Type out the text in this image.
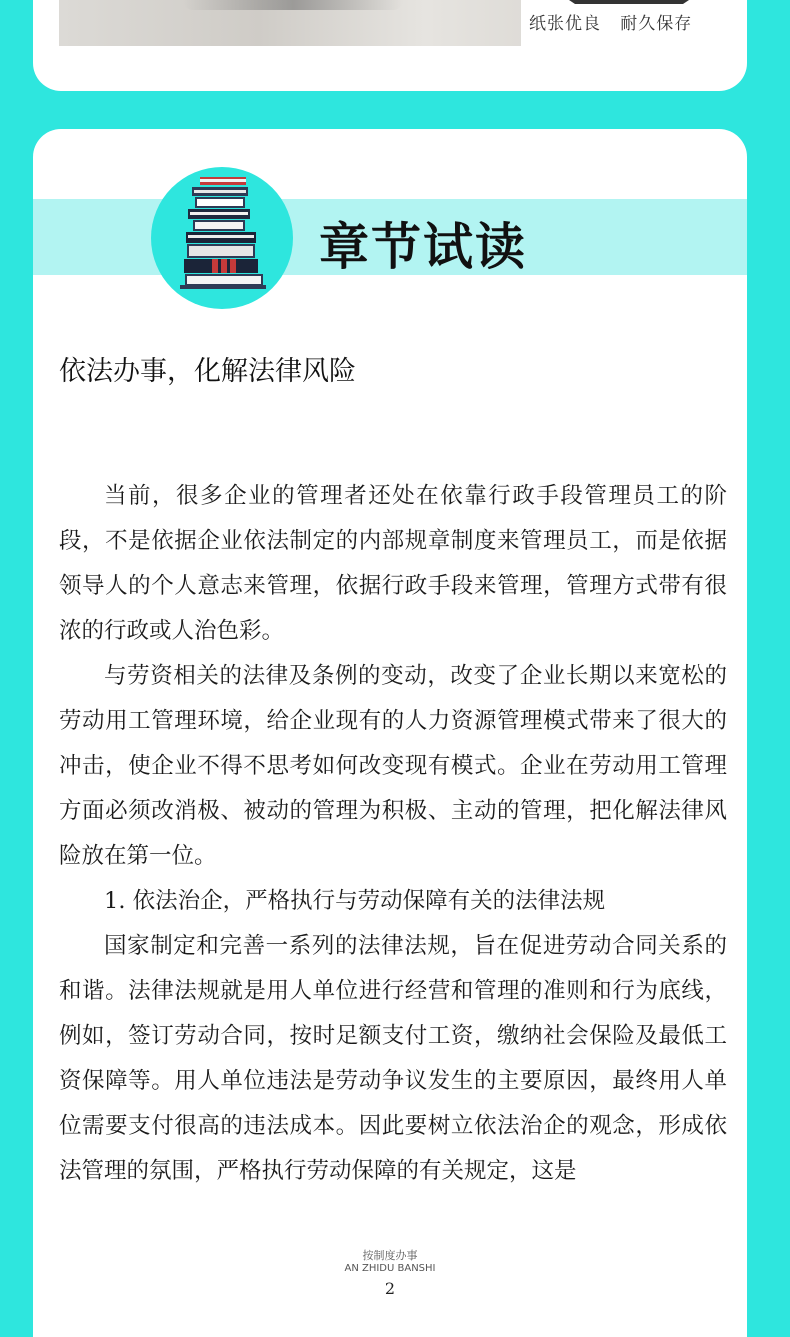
纸张优良   耐久保存
章节试读
依法办事，化解法律风险

当前，很多企业的管理者还处在依靠行政手段管理员工的阶段，不是依据企业依法制定的内部规章制度来管理员工，而是依据领导人的个人意志来管理，依据行政手段来管理，管理方式带有很浓的行政或人治色彩。

与劳资相关的法律及条例的变动，改变了企业长期以来宽松的劳动用工管理环境，给企业现有的人力资源管理模式带来了很大的冲击，使企业不得不思考如何改变现有模式。企业在劳动用工管理方面必须改消极、被动的管理为积极、主动的管理，把化解法律风险放在第一位。

1. 依法治企，严格执行与劳动保障有关的法律法规

国家制定和完善一系列的法律法规，旨在促进劳动合同关系的和谐。法律法规就是用人单位进行经营和管理的准则和行为底线，例如，签订劳动合同，按时足额支付工资，缴纳社会保险及最低工资保障等。用人单位违法是劳动争议发生的主要原因，最终用人单位需要支付很高的违法成本。因此要树立依法治企的观念，形成依法管理的氛围，严格执行劳动保障的有关规定，这是

按制度办事
AN ZHIDU BANSHI
2
